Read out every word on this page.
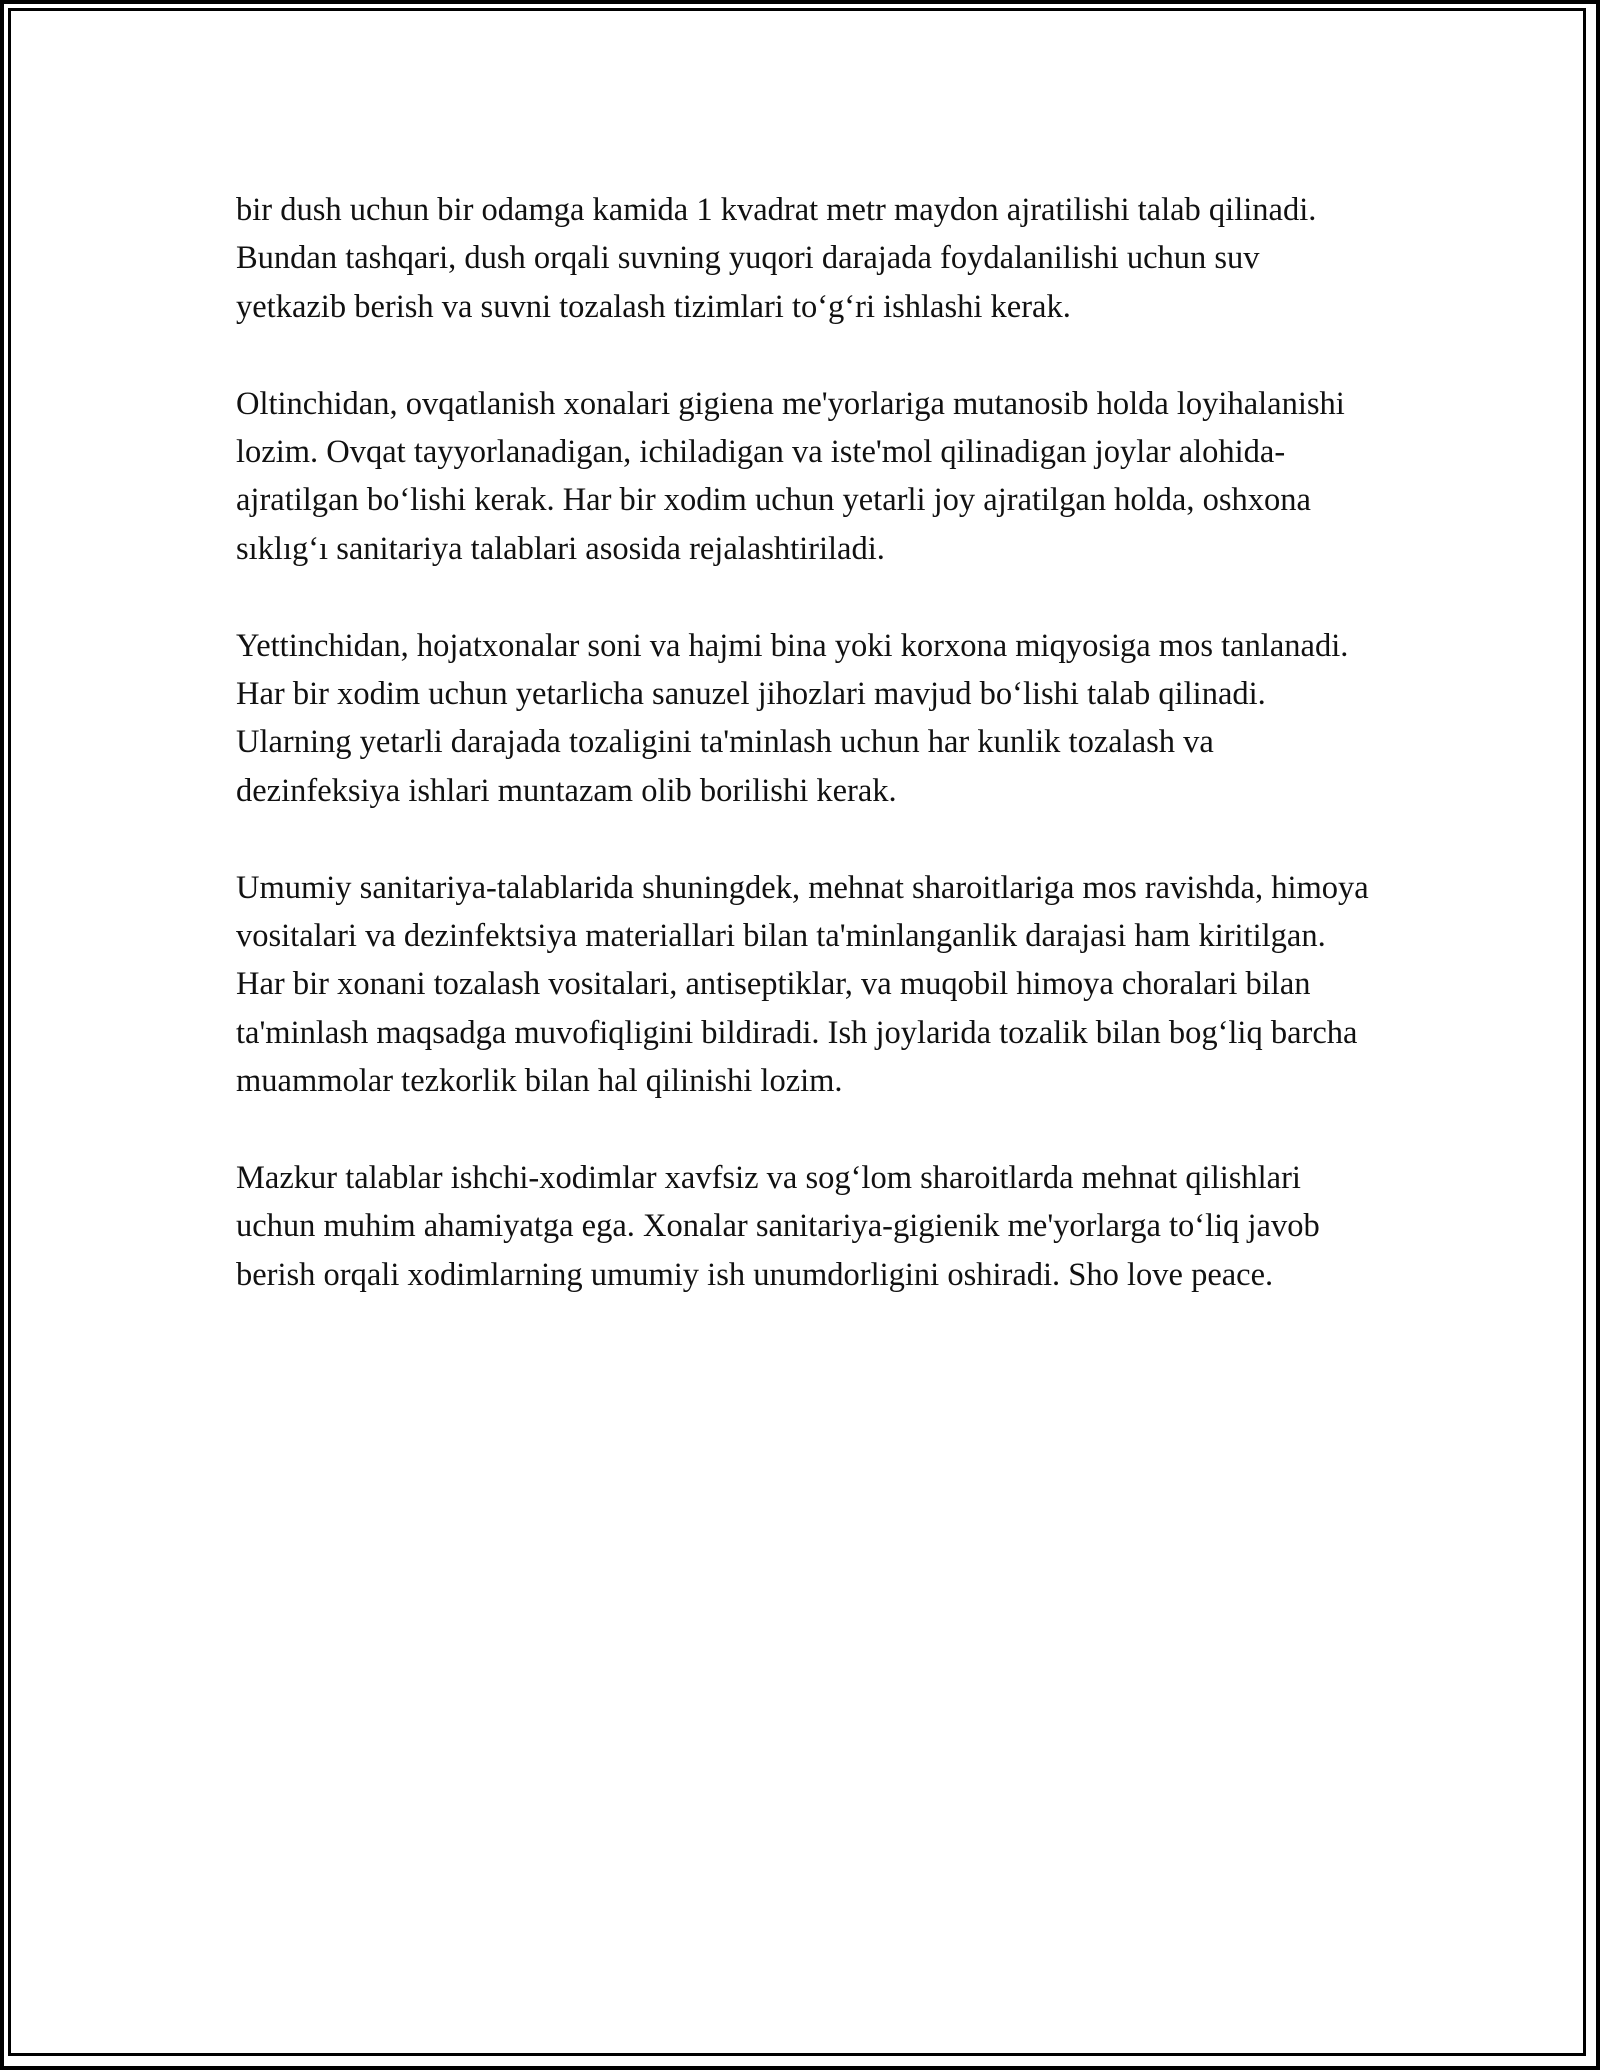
bir dush uchun bir odamga kamida 1 kvadrat metr maydon ajratilishi talab qilinadi. Bundan tashqari, dush orqali suvning yuqori darajada foydalanilishi uchun suv yetkazib berish va suvni tozalash tizimlari to‘g‘ri ishlashi kerak.

Oltinchidan, ovqatlanish xonalari gigiena me'yorlariga mutanosib holda loyihalanishi lozim. Ovqat tayyorlanadigan, ichiladigan va iste'mol qilinadigan joylar alohida-ajratilgan bo‘lishi kerak. Har bir xodim uchun yetarli joy ajratilgan holda, oshxona sıklıg‘ı sanitariya talablari asosida rejalashtiriladi.

Yettinchidan, hojatxonalar soni va hajmi bina yoki korxona miqyosiga mos tanlanadi. Har bir xodim uchun yetarlicha sanuzel jihozlari mavjud bo‘lishi talab qilinadi. Ularning yetarli darajada tozaligini ta'minlash uchun har kunlik tozalash va dezinfeksiya ishlari muntazam olib borilishi kerak.

Umumiy sanitariya-talablarida shuningdek, mehnat sharoitlariga mos ravishda, himoya vositalari va dezinfektsiya materiallari bilan ta'minlanganlik darajasi ham kiritilgan. Har bir xonani tozalash vositalari, antiseptiklar, va muqobil himoya choralari bilan ta'minlash maqsadga muvofiqligini bildiradi. Ish joylarida tozalik bilan bog‘liq barcha muammolar tezkorlik bilan hal qilinishi lozim.

Mazkur talablar ishchi-xodimlar xavfsiz va sog‘lom sharoitlarda mehnat qilishlari uchun muhim ahamiyatga ega. Xonalar sanitariya-gigienik me'yorlarga to‘liq javob berish orqali xodimlarning umumiy ish unumdorligini oshiradi. Sho love peace.
